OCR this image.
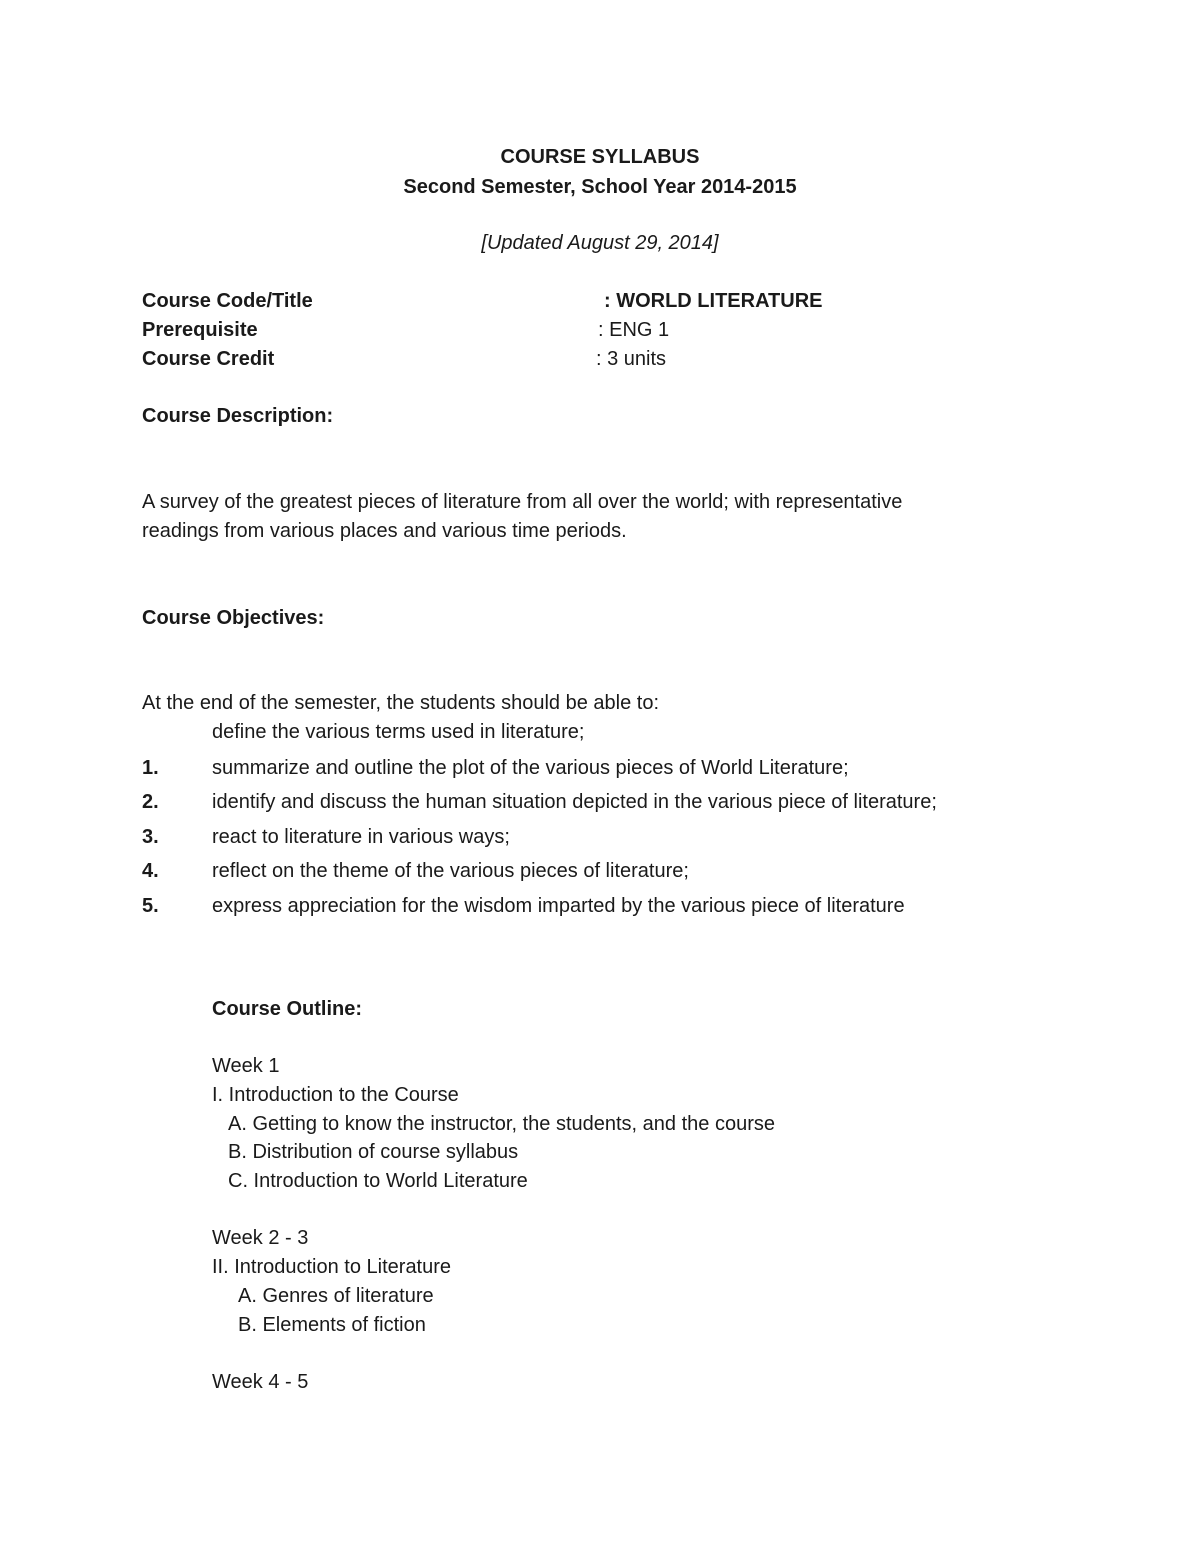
COURSE SYLLABUS
Second Semester, School Year 2014-2015
[Updated August 29, 2014]
Course Code/Title	: WORLD LITERATURE
Prerequisite	: ENG 1
Course Credit	: 3 units
Course Description:
A survey of the greatest pieces of literature from all over the world; with representative
readings from various places and various time periods.
Course Objectives:
At the end of the semester, the students should be able to:
define the various terms used in literature;
1.	summarize and outline the plot of the various pieces of World Literature;
2.	identify and discuss the human situation depicted in the various piece of literature;
3.	react to literature in various ways;
4.	reflect on the theme of the various pieces of literature;
5.	express appreciation for the wisdom imparted by the various piece of literature
Course Outline:
Week 1
I. Introduction to the Course
A. Getting to know the instructor, the students, and the course
B. Distribution of course syllabus
C. Introduction to World Literature
Week 2 - 3
II. Introduction to Literature
A. Genres of literature
B. Elements of fiction
Week 4 - 5
